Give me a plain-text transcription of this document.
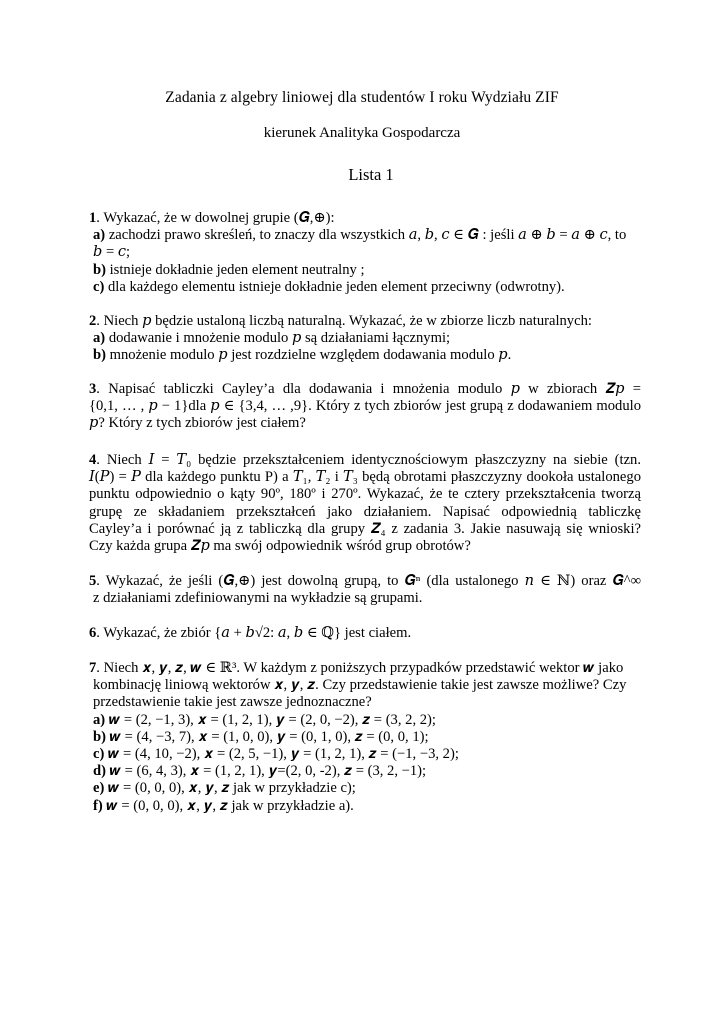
Zadania z algebry liniowej dla studentów I roku Wydziału ZIF
kierunek Analityka Gospodarcza
Lista 1
1. Wykazać, że w dowolnej grupie (𝑮,⊕):
a) zachodzi prawo skreśleń, to znaczy dla wszystkich 𝑎, 𝑏, 𝑐 ∈ 𝑮 : jeśli 𝑎 ⊕ 𝑏 = 𝑎 ⊕ 𝑐, to
𝑏 = 𝑐;
b) istnieje dokładnie jeden element neutralny ;
c) dla każdego elementu istnieje dokładnie jeden element przeciwny (odwrotny).
2. Niech 𝑝 będzie ustaloną liczbą naturalną. Wykazać, że w zbiorze liczb naturalnych:
a) dodawanie i mnożenie modulo 𝑝 są działaniami łącznymi;
b) mnożenie modulo 𝑝 jest rozdzielne względem dodawania modulo 𝑝.
3. Napisać tabliczki Cayley’a dla dodawania i mnożenia modulo 𝑝 w zbiorach 𝒁𝑝 =
{0,1, … , 𝑝 − 1}dla 𝑝 ∈ {3,4, … ,9}. Który z tych zbiorów jest grupą z dodawaniem modulo
𝑝? Który z tych zbiorów jest ciałem?
4. Niech 𝐼 = 𝑇₀ będzie przekształceniem identycznościowym płaszczyzny na siebie (tzn.
𝐼(𝑃) = 𝑃 dla każdego punktu P) a 𝑇₁, 𝑇₂ i 𝑇₃ będą obrotami płaszczyzny dookoła ustalonego
punktu odpowiednio o kąty 90º, 180º i 270º. Wykazać, że te cztery przekształcenia tworzą
grupę ze składaniem przekształceń jako działaniem. Napisać odpowiednią tabliczkę
Cayley’a i porównać ją z tabliczką dla grupy 𝒁₄ z zadania 3. Jakie nasuwają się wnioski?
Czy każda grupa 𝒁𝑝 ma swój odpowiednik wśród grup obrotów?
5. Wykazać, że jeśli (𝑮,⊕) jest dowolną grupą, to 𝑮ⁿ (dla ustalonego 𝑛 ∈ ℕ) oraz 𝑮^∞
z działaniami zdefiniowanymi na wykładzie są grupami.
6. Wykazać, że zbiór {𝑎 + 𝑏√2: 𝑎, 𝑏 ∈ ℚ} jest ciałem.
7. Niech 𝒙, 𝒚, 𝒛, 𝒘 ∈ ℝ³. W każdym z poniższych przypadków przedstawić wektor 𝒘 jako
kombinację liniową wektorów 𝒙, 𝒚, 𝒛. Czy przedstawienie takie jest zawsze możliwe? Czy
przedstawienie takie jest zawsze jednoznaczne?
a) 𝒘 = (2, −1, 3), 𝒙 = (1, 2, 1), 𝒚 = (2, 0, −2), 𝒛 = (3, 2, 2);
b) 𝒘 = (4, −3, 7), 𝒙 = (1, 0, 0), 𝒚 = (0, 1, 0), 𝒛 = (0, 0, 1);
c) 𝒘 = (4, 10, −2), 𝒙 = (2, 5, −1), 𝒚 = (1, 2, 1), 𝒛 = (−1, −3, 2);
d) 𝒘 = (6, 4, 3), 𝒙 = (1, 2, 1), 𝒚=(2, 0, -2), 𝒛 = (3, 2, −1);
e) 𝒘 = (0, 0, 0), 𝒙, 𝒚, 𝒛 jak w przykładzie c);
f) 𝒘 = (0, 0, 0), 𝒙, 𝒚, 𝒛 jak w przykładzie a).
